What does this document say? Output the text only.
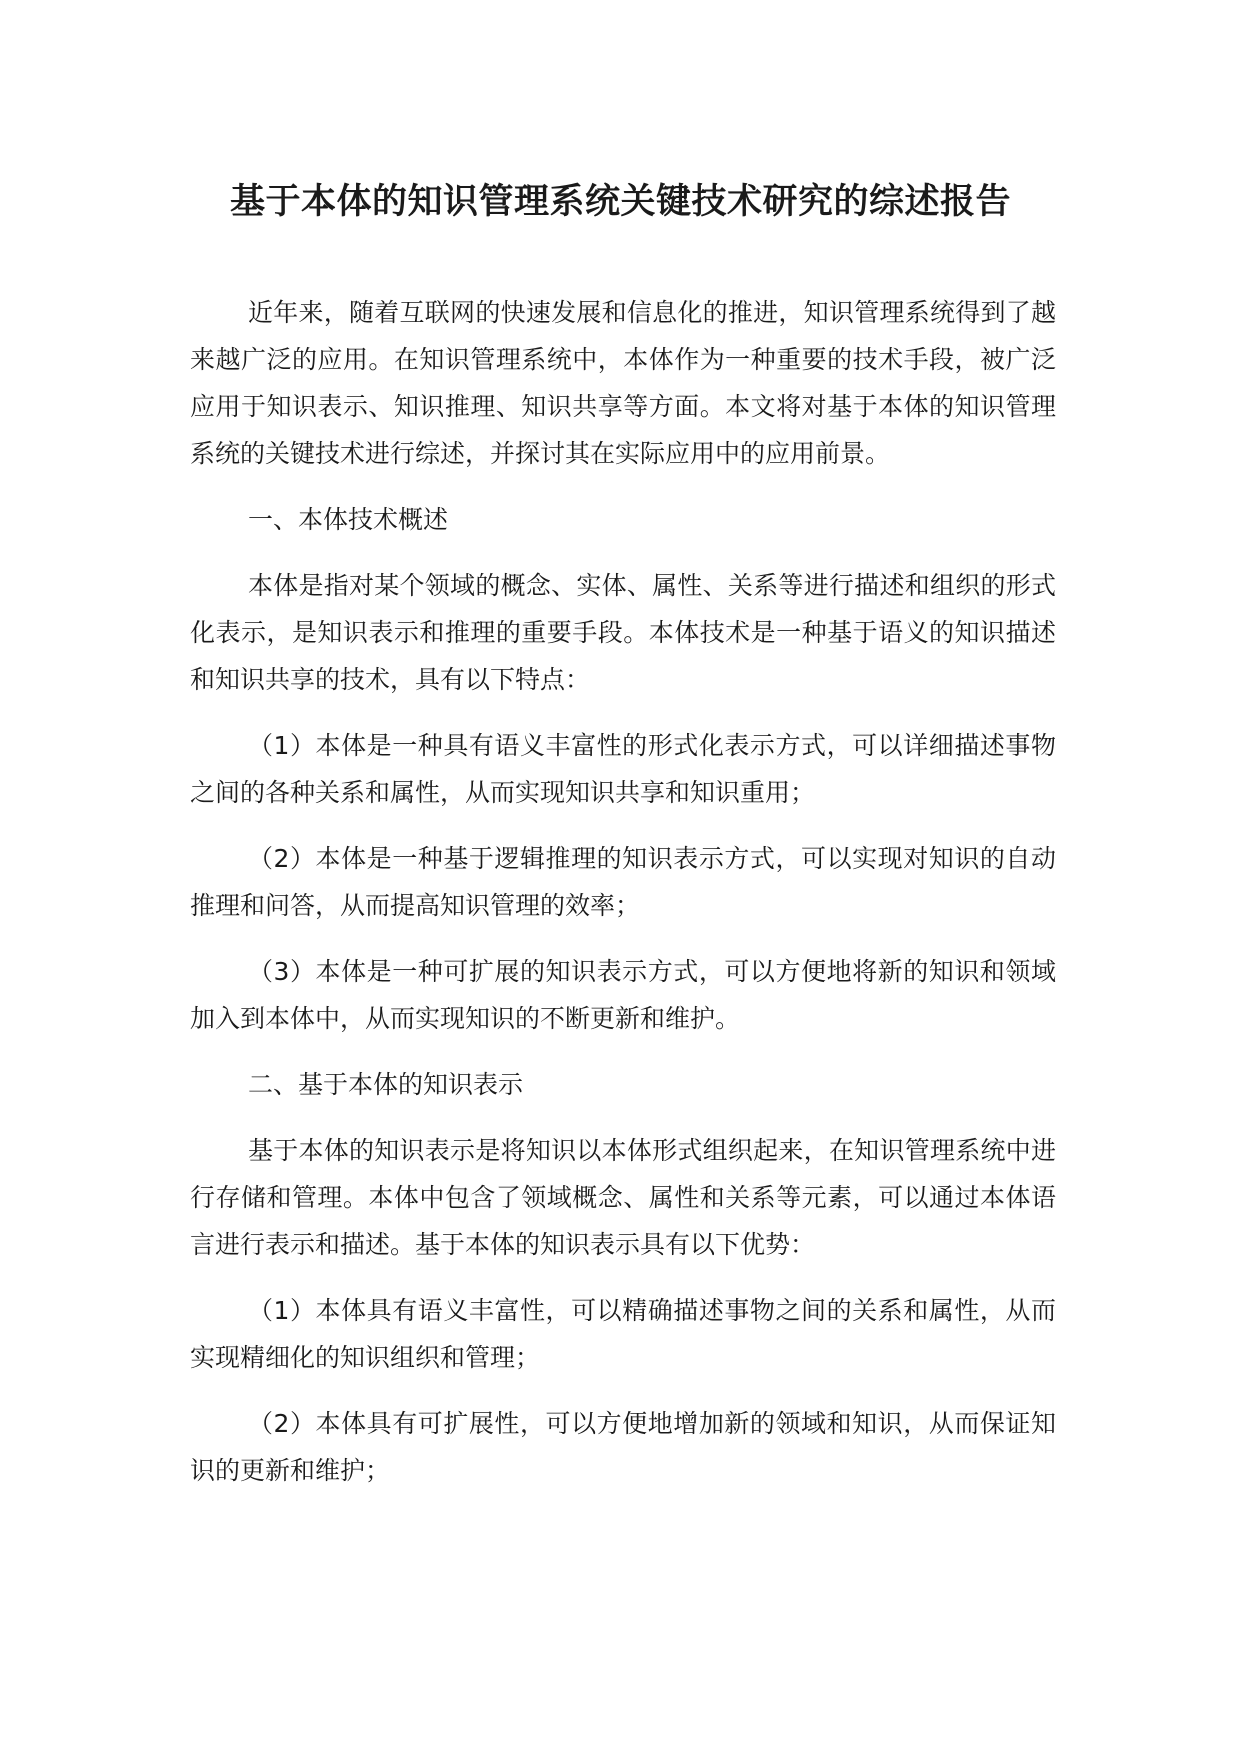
基于本体的知识管理系统关键技术研究的综述报告

近年来，随着互联网的快速发展和信息化的推进，知识管理系统得到了越来越广泛的应用。在知识管理系统中，本体作为一种重要的技术手段，被广泛应用于知识表示、知识推理、知识共享等方面。本文将对基于本体的知识管理系统的关键技术进行综述，并探讨其在实际应用中的应用前景。

一、本体技术概述

本体是指对某个领域的概念、实体、属性、关系等进行描述和组织的形式化表示，是知识表示和推理的重要手段。本体技术是一种基于语义的知识描述和知识共享的技术，具有以下特点：

（1）本体是一种具有语义丰富性的形式化表示方式，可以详细描述事物之间的各种关系和属性，从而实现知识共享和知识重用；

（2）本体是一种基于逻辑推理的知识表示方式，可以实现对知识的自动推理和问答，从而提高知识管理的效率；

（3）本体是一种可扩展的知识表示方式，可以方便地将新的知识和领域加入到本体中，从而实现知识的不断更新和维护。

二、基于本体的知识表示

基于本体的知识表示是将知识以本体形式组织起来，在知识管理系统中进行存储和管理。本体中包含了领域概念、属性和关系等元素，可以通过本体语言进行表示和描述。基于本体的知识表示具有以下优势：

（1）本体具有语义丰富性，可以精确描述事物之间的关系和属性，从而实现精细化的知识组织和管理；

（2）本体具有可扩展性，可以方便地增加新的领域和知识，从而保证知识的更新和维护；
